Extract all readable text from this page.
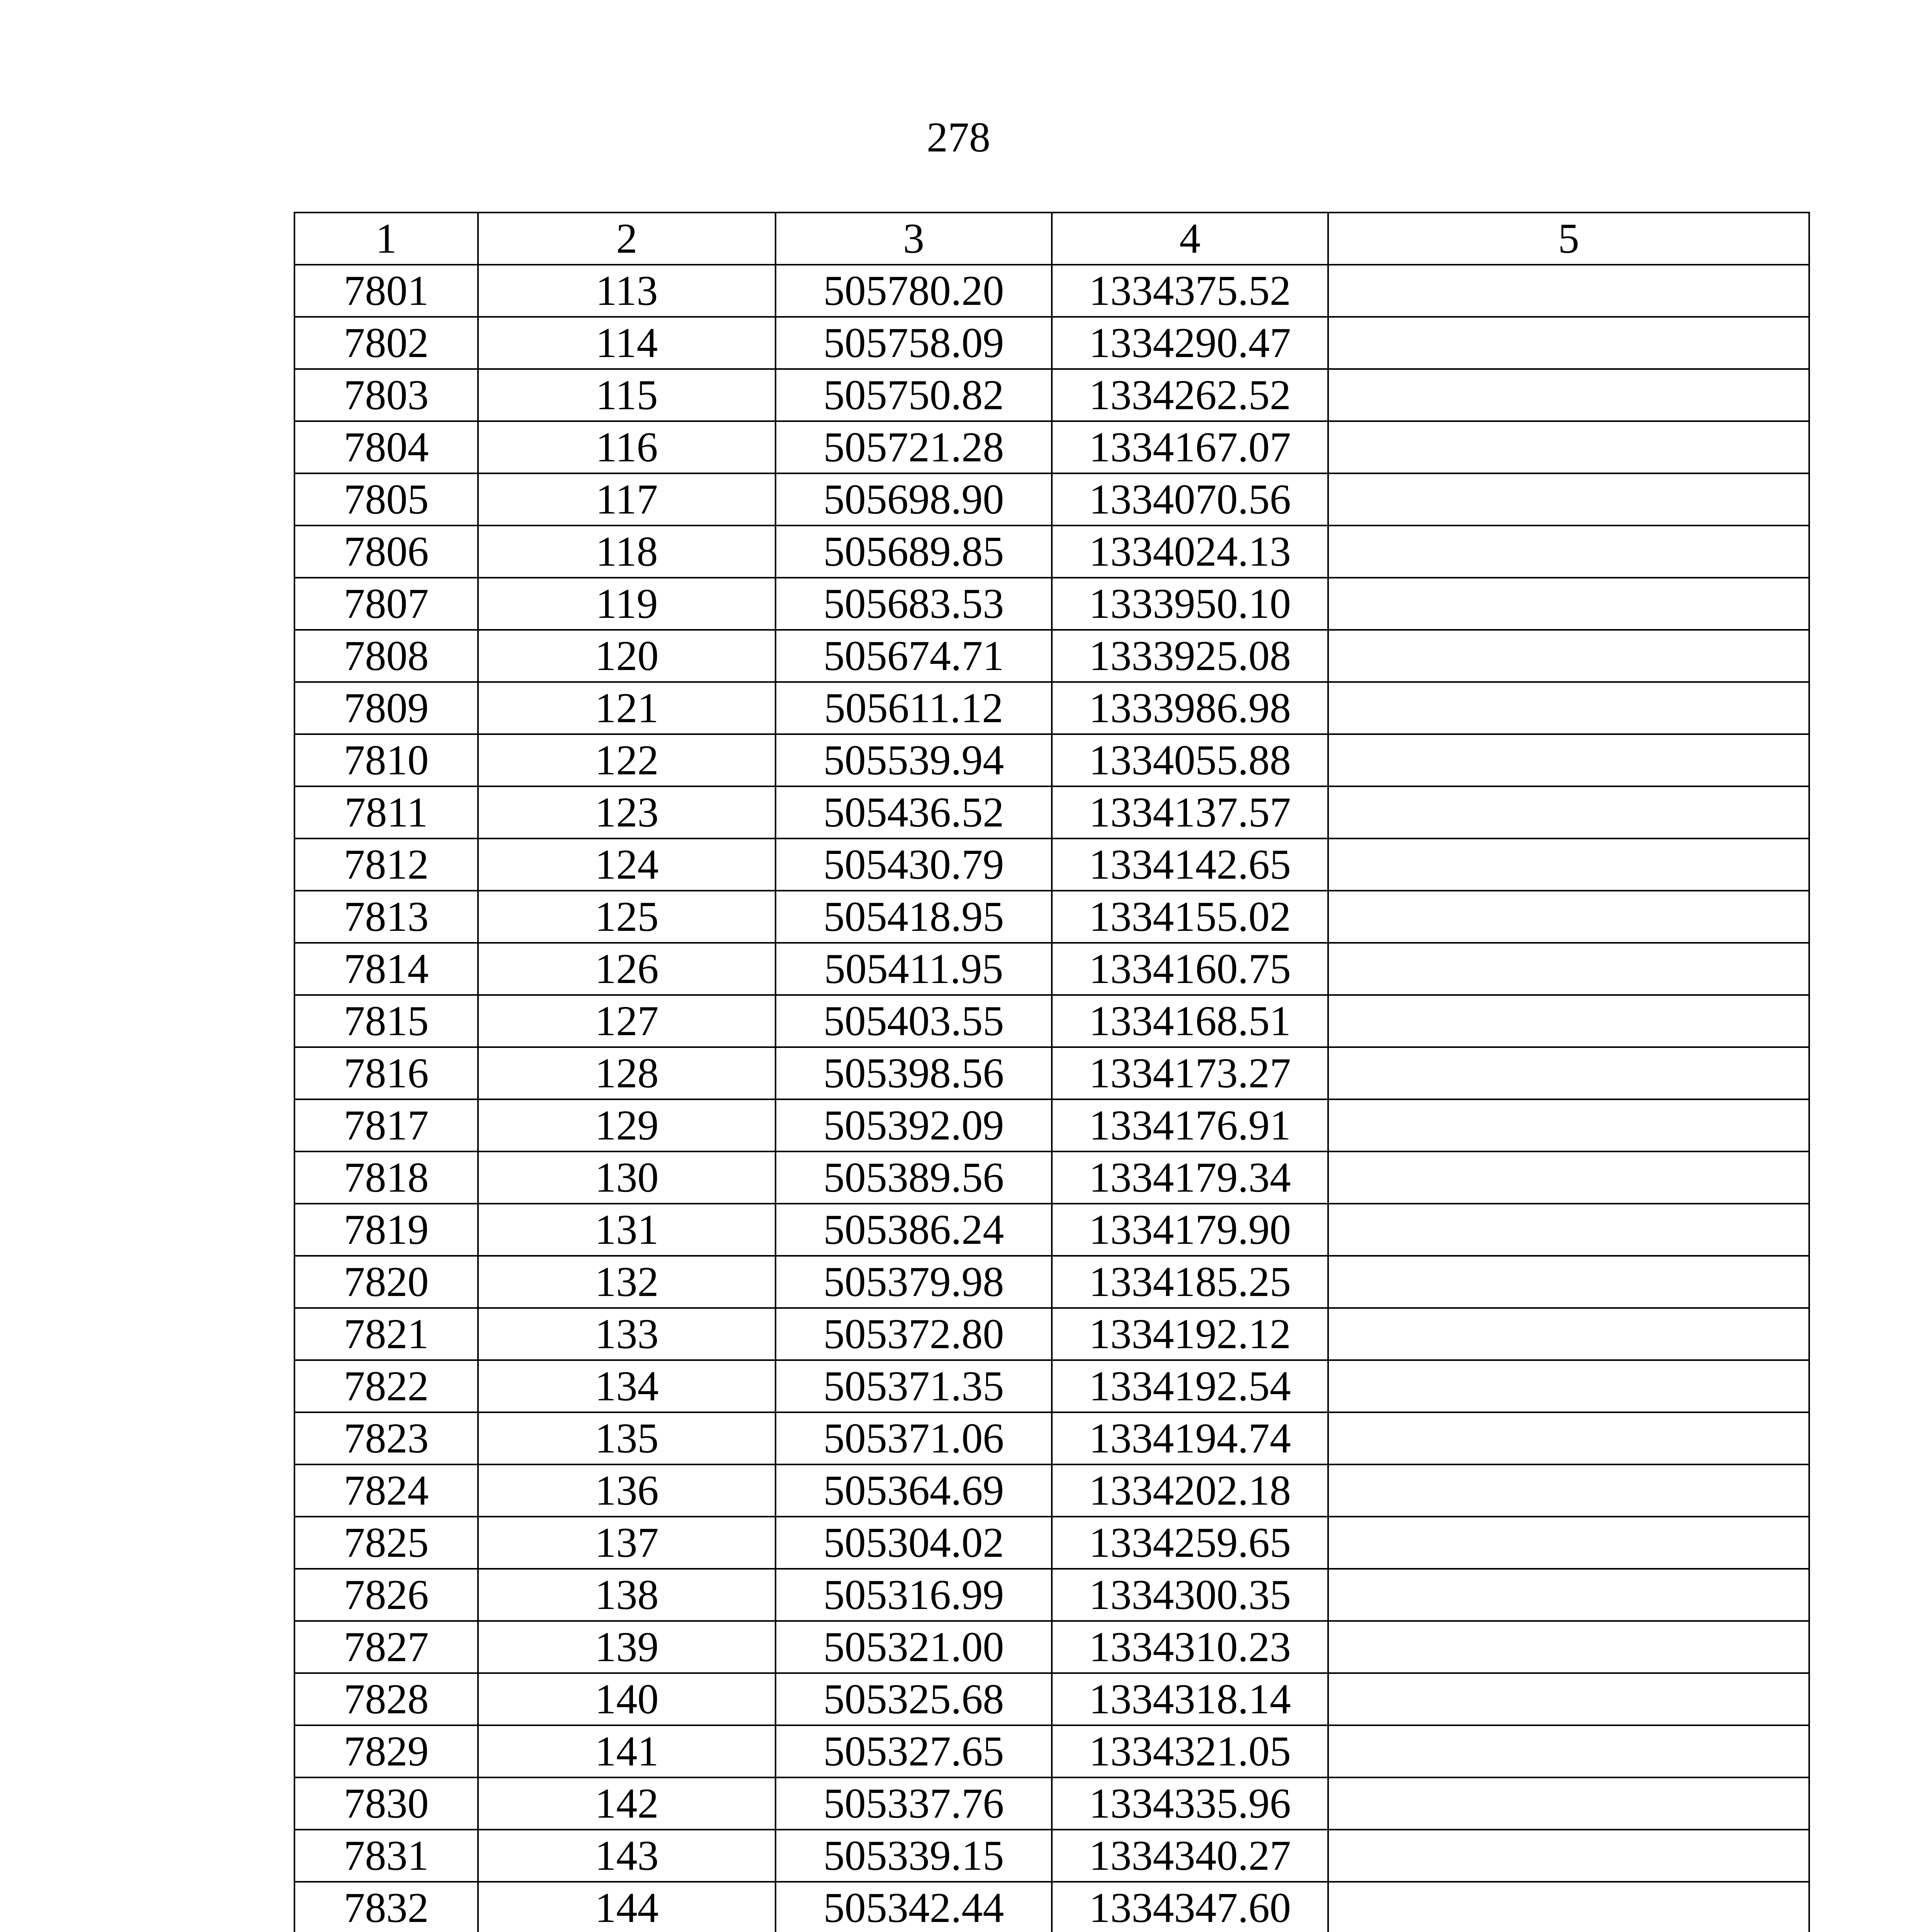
278
1	2	3	4	5
7801	113	505780.20	1334375.52	
7802	114	505758.09	1334290.47	
7803	115	505750.82	1334262.52	
7804	116	505721.28	1334167.07	
7805	117	505698.90	1334070.56	
7806	118	505689.85	1334024.13	
7807	119	505683.53	1333950.10	
7808	120	505674.71	1333925.08	
7809	121	505611.12	1333986.98	
7810	122	505539.94	1334055.88	
7811	123	505436.52	1334137.57	
7812	124	505430.79	1334142.65	
7813	125	505418.95	1334155.02	
7814	126	505411.95	1334160.75	
7815	127	505403.55	1334168.51	
7816	128	505398.56	1334173.27	
7817	129	505392.09	1334176.91	
7818	130	505389.56	1334179.34	
7819	131	505386.24	1334179.90	
7820	132	505379.98	1334185.25	
7821	133	505372.80	1334192.12	
7822	134	505371.35	1334192.54	
7823	135	505371.06	1334194.74	
7824	136	505364.69	1334202.18	
7825	137	505304.02	1334259.65	
7826	138	505316.99	1334300.35	
7827	139	505321.00	1334310.23	
7828	140	505325.68	1334318.14	
7829	141	505327.65	1334321.05	
7830	142	505337.76	1334335.96	
7831	143	505339.15	1334340.27	
7832	144	505342.44	1334347.60	
